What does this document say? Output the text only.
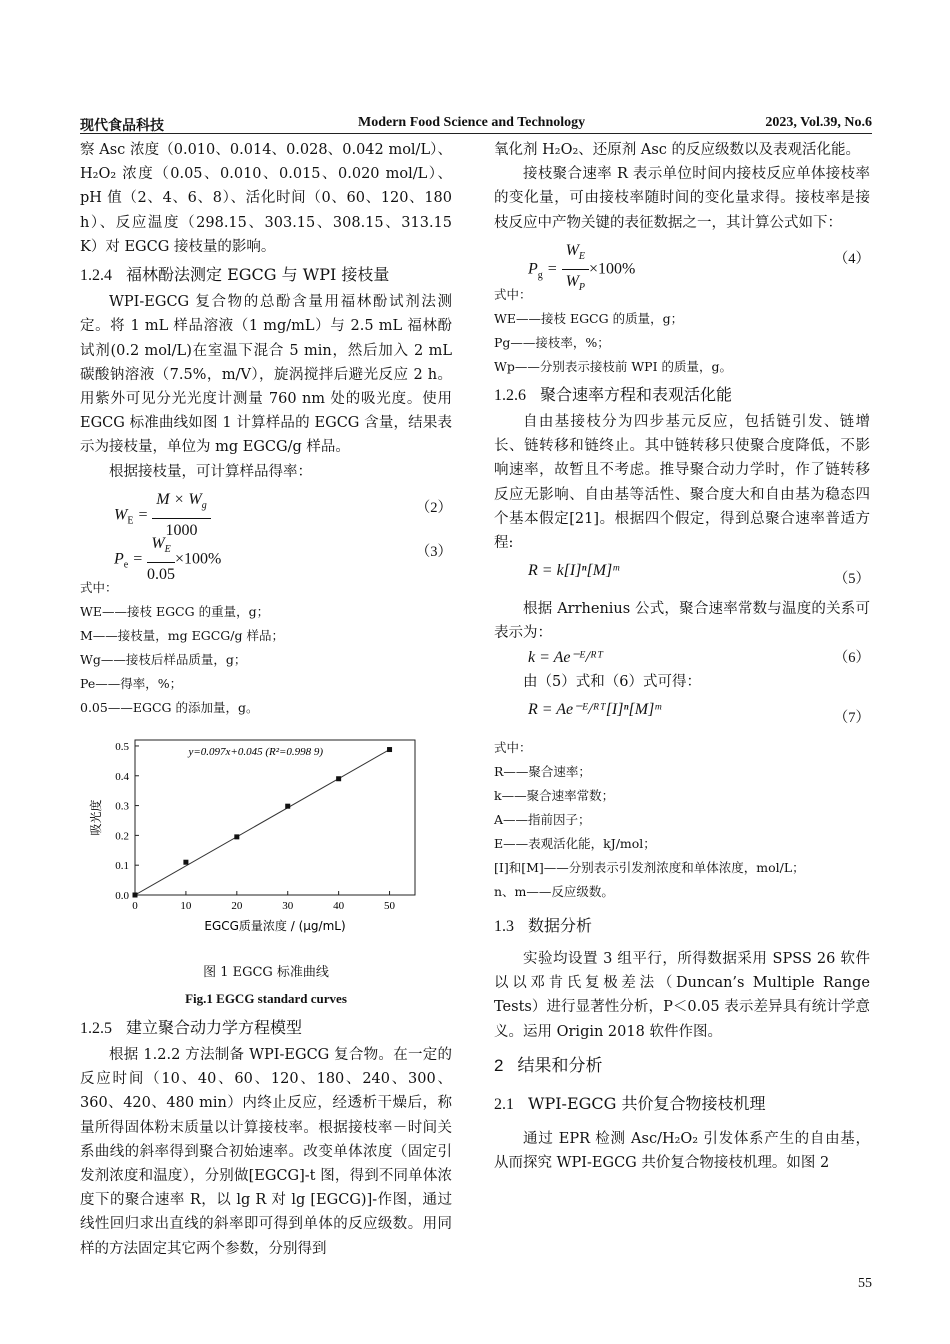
现代食品科技	Modern Food Science and Technology	2023, Vol.39, No.6

察 Asc 浓度（0.010、0.014、0.028、0.042 mol/L）、H₂O₂ 浓度（0.05、0.010、0.015、0.020 mol/L）、pH 值（2、4、6、8）、活化时间（0、60、120、180 h）、反应温度（298.15、303.15、308.15、313.15 K）对 EGCG 接枝量的影响。

1.2.4 福林酚法测定 EGCG 与 WPI 接枝量

WPI-EGCG 复合物的总酚含量用福林酚试剂法测定。将 1 mL 样品溶液（1 mg/mL）与 2.5 mL 福林酚试剂(0.2 mol/L)在室温下混合 5 min，然后加入 2 mL 碳酸钠溶液（7.5%，m/V），旋涡搅拌后避光反应 2 h。用紫外可见分光光度计测量 760 nm 处的吸光度。使用 EGCG 标准曲线如图 1 计算样品的 EGCG 含量，结果表示为接枝量，单位为 mg EGCG/g 样品。

根据接枝量，可计算样品得率：

$W_E = \frac{M \times W_g}{1000}$	（2）
$P_e = \frac{W_E}{0.05} \times 100\%$	（3）
式中：
WE——接枝 EGCG 的重量，g；
M——接枝量，mg EGCG/g 样品；
Wg——接枝后样品质量，g；
Pe——得率，%；
0.05——EGCG 的添加量，g。
0	10	20	30	40	50
0.0
0.1
0.2
0.3
0.4
0.5	y=0.097x+0.045 (R²=0.998 9)
EGCG质量浓度 / (μg/mL)
吸光度
图 1 EGCG 标准曲线
Fig.1 EGCG standard curves

1.2.5 建立聚合动力学方程模型

根据 1.2.2 方法制备 WPI-EGCG 复合物。在一定的反应时间（10、40、60、120、180、240、300、360、420、480 min）内终止反应，经透析干燥后，称量所得固体粉末质量以计算接枝率。根据接枝率－时间关系曲线的斜率得到聚合初始速率。改变单体浓度（固定引发剂浓度和温度），分别做[EGCG]-t 图，得到不同单体浓度下的聚合速率 R，以 lg R 对 lg [EGCG)]-作图，通过线性回归求出直线的斜率即可得到单体的反应级数。用同样的方法固定其它两个参数，分别得到

氧化剂 H₂O₂、还原剂 Asc 的反应级数以及表观活化能。

接枝聚合速率 R 表示单位时间内接枝反应单体接枝率的变化量，可由接枝率随时间的变化量求得。接枝率是接枝反应中产物关键的表征数据之一，其计算公式如下：

$P_g = \frac{W_E}{W_P} \times 100\%$
（4）
式中：
WE——接枝 EGCG 的质量，g；
Pg——接枝率，%；
Wp——分别表示接枝前 WPI 的质量，g。

1.2.6 聚合速率方程和表观活化能

自由基接枝分为四步基元反应，包括链引发、链增长、链转移和链终止。其中链转移只使聚合度降低，不影响速率，故暂且不考虑。推导聚合动力学时，作了链转移反应无影响、自由基等活性、聚合度大和自由基为稳态四个基本假定[21]。根据四个假定，得到总聚合速率普适方程:

R = k[I]ⁿ[M]ᵐ	（5）

根据 Arrhenius 公式，聚合速率常数与温度的关系可表示为：

k = Ae⁻ᴱ/ᴿᵀ	（6）

由（5）式和（6）式可得：

R = Ae⁻ᴱ/ᴿᵀ[I]ⁿ[M]ᵐ	（7）
式中：
R——聚合速率；
k——聚合速率常数；
A——指前因子；
E——表观活化能，kJ/mol；
[I]和[M]——分别表示引发剂浓度和单体浓度，mol/L；
n、m——反应级数。

1.3 数据分析

实验均设置 3 组平行，所得数据采用 SPSS 26 软件以以邓肯氏复极差法（Duncan’s Multiple Range Tests）进行显著性分析，P＜0.05 表示差异具有统计学意义。运用 Origin 2018 软件作图。

2 结果和分析

2.1 WPI-EGCG 共价复合物接枝机理

通过 EPR 检测 Asc/H₂O₂ 引发体系产生的自由基，从而探究 WPI-EGCG 共价复合物接枝机理。如图 2

55
